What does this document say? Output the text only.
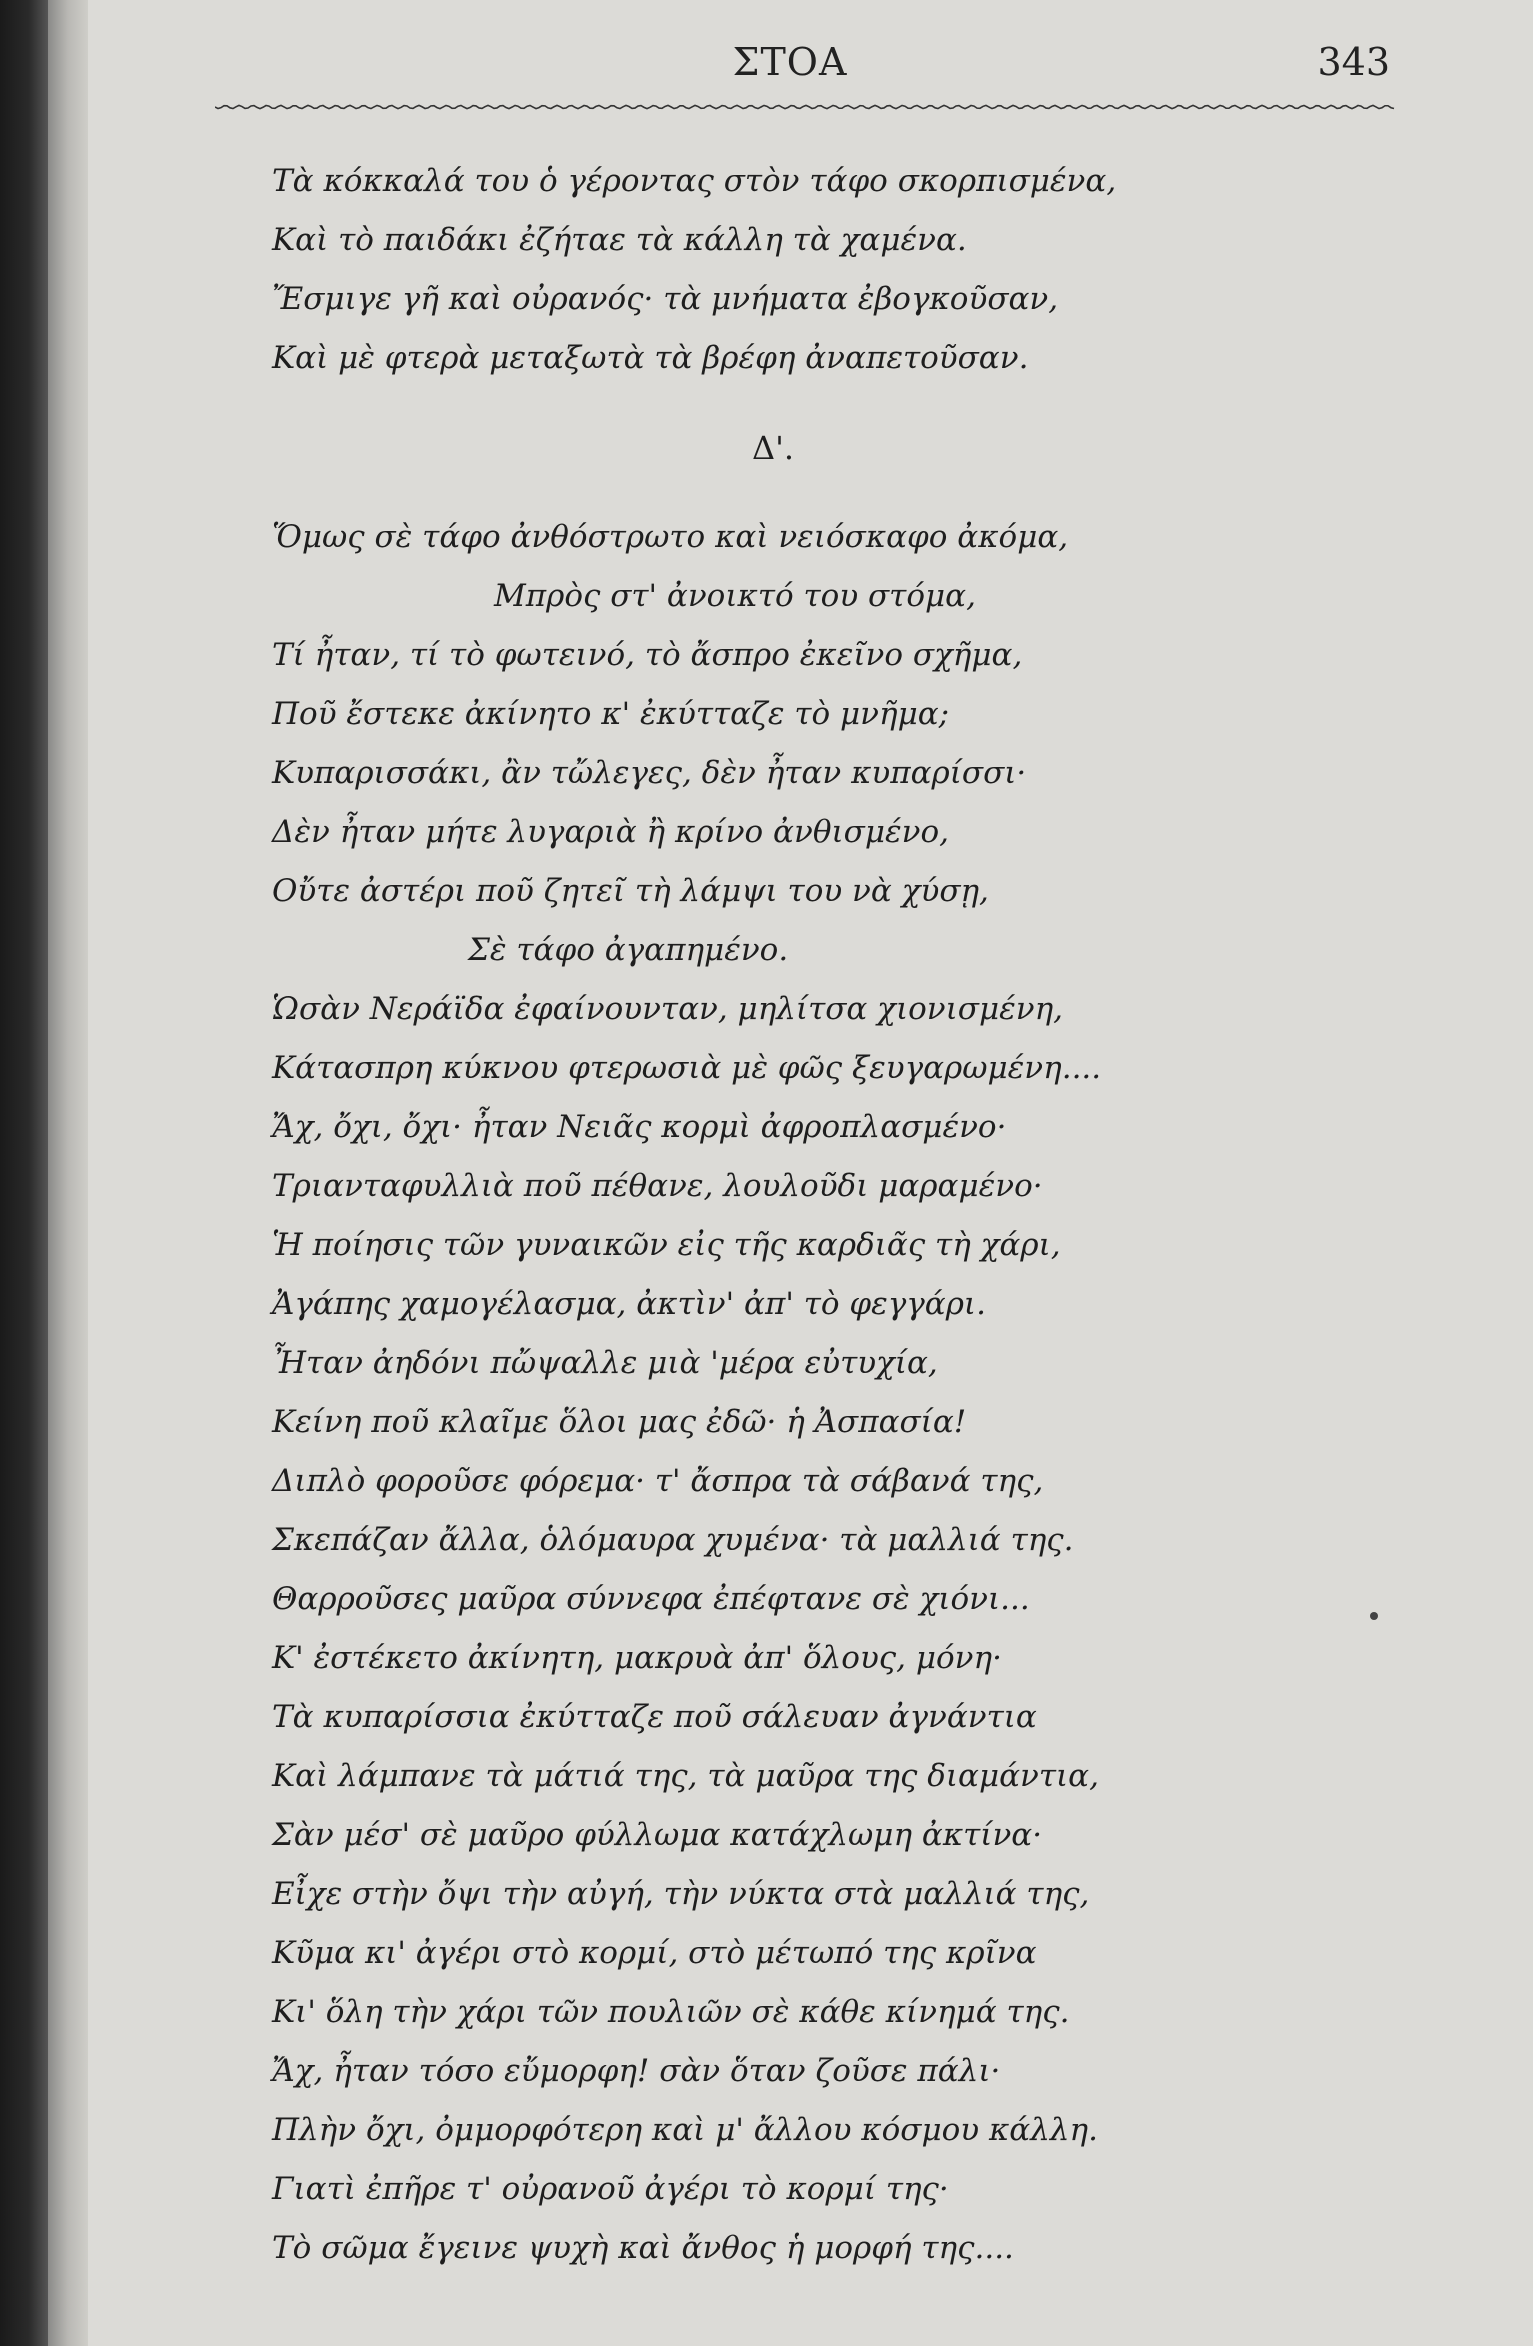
ΣΤΟΑ	343
Τὰ κόκκαλά του ὁ γέροντας στὸν τάφο σκορπισμένα,
Καὶ τὸ παιδάκι ἐζήταε τὰ κάλλη τὰ χαμένα.
Ἔσμιγε γῆ καὶ οὐρανός· τὰ μνήματα ἐβογκοῦσαν,
Καὶ μὲ φτερὰ μεταξωτὰ τὰ βρέφη ἀναπετοῦσαν.
Δ'.
Ὅμως σὲ τάφο ἀνθόστρωτο καὶ νειόσκαφο ἀκόμα,
Μπρὸς στ' ἀνοικτό του στόμα,
Τί ἦταν, τί τὸ φωτεινό, τὸ ἄσπρο ἐκεῖνο σχῆμα,
Ποῦ ἔστεκε ἀκίνητο κ' ἐκύτταζε τὸ μνῆμα;
Κυπαρισσάκι, ἂν τὤλεγες, δὲν ἦταν κυπαρίσσι·
Δὲν ἦταν μήτε λυγαριὰ ἢ κρίνο ἀνθισμένο,
Οὔτε ἀστέρι ποῦ ζητεῖ τὴ λάμψι του νὰ χύσῃ,
Σὲ τάφο ἀγαπημένο.
Ὡσὰν Νεράϊδα ἐφαίνουνταν, μηλίτσα χιονισμένη,
Κάτασπρη κύκνου φτερωσιὰ μὲ φῶς ξευγαρωμένη....
Ἄχ, ὄχι, ὄχι· ἦταν Νειᾶς κορμὶ ἀφροπλασμένο·
Τριανταφυλλιὰ ποῦ πέθανε, λουλοῦδι μαραμένο·
Ἡ ποίησις τῶν γυναικῶν εἰς τῆς καρδιᾶς τὴ χάρι,
Ἀγάπης χαμογέλασμα, ἀκτὶν' ἀπ' τὸ φεγγάρι.
Ἦταν ἀηδόνι πὤψαλλε μιὰ 'μέρα εὐτυχία,
Κείνη ποῦ κλαῖμε ὅλοι μας ἐδῶ· ἡ Ἀσπασία!
Διπλὸ φοροῦσε φόρεμα· τ' ἄσπρα τὰ σάβανά της,
Σκεπάζαν ἄλλα, ὁλόμαυρα χυμένα· τὰ μαλλιά της.
Θαρροῦσες μαῦρα σύννεφα ἐπέφτανε σὲ χιόνι...
Κ' ἐστέκετο ἀκίνητη, μακρυὰ ἀπ' ὅλους, μόνη·
Τὰ κυπαρίσσια ἐκύτταζε ποῦ σάλευαν ἀγνάντια
Καὶ λάμπανε τὰ μάτιά της, τὰ μαῦρα της διαμάντια,
Σὰν μέσ' σὲ μαῦρο φύλλωμα κατάχλωμη ἀκτίνα·
Εἶχε στὴν ὄψι τὴν αὐγή, τὴν νύκτα στὰ μαλλιά της,
Κῦμα κι' ἀγέρι στὸ κορμί, στὸ μέτωπό της κρῖνα
Κι' ὅλη τὴν χάρι τῶν πουλιῶν σὲ κάθε κίνημά της.
Ἄχ, ἦταν τόσο εὔμορφη! σὰν ὅταν ζοῦσε πάλι·
Πλὴν ὄχι, ὀμμορφότερη καὶ μ' ἄλλου κόσμου κάλλη.
Γιατὶ ἐπῆρε τ' οὐρανοῦ ἀγέρι τὸ κορμί της·
Τὸ σῶμα ἔγεινε ψυχὴ καὶ ἄνθος ἡ μορφή της....
